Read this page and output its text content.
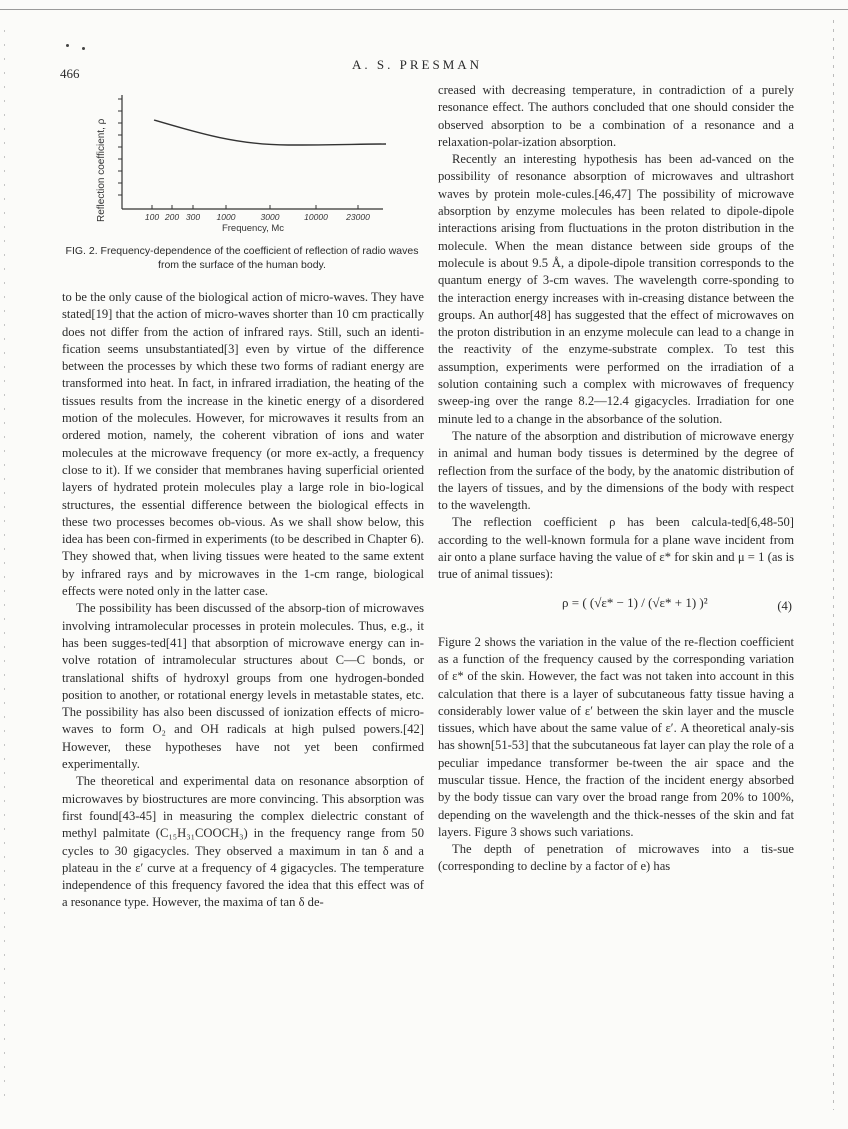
466
A. S. PRESMAN
Reflection coefficient, ρ	100 200 300 1000	3000	10000 23000
Frequency, Mc
FIG. 2. Frequency-dependence of the coefficient of reflection of radio waves from the surface of the human body.

to be the only cause of the biological action of micro-waves. They have stated[19] that the action of micro-waves shorter than 10 cm practically does not differ from the action of infrared rays. Still, such an identi-fication seems unsubstantiated[3] even by virtue of the difference between the processes by which these two forms of radiant energy are transformed into heat. In fact, in infrared irradiation, the heating of the tissues results from the increase in the kinetic energy of a disordered motion of the molecules. However, for microwaves it results from an ordered motion, namely, the coherent vibration of ions and water molecules at the microwave frequency (or more ex-actly, a frequency close to it). If we consider that membranes having superficial oriented layers of hydrated protein molecules play a large role in bio-logical structures, the essential difference between the biological effects in these two processes becomes ob-vious. As we shall show below, this idea has been con-firmed in experiments (to be described in Chapter 6). They showed that, when living tissues were heated to the same extent by infrared rays and by microwaves in the 1-cm range, biological effects were noted only in the latter case.

The possibility has been discussed of the absorp-tion of microwaves involving intramolecular processes in protein molecules. Thus, e.g., it has been sugges-ted[41] that absorption of microwave energy can in-volve rotation of intramolecular structures about C—C bonds, or translational shifts of hydroxyl groups from one hydrogen-bonded position to another, or rotational energy levels in metastable states, etc. The possibility has also been discussed of ionization effects of micro-waves to form O₂ and OH radicals at high pulsed powers.[42] However, these hypotheses have not yet been confirmed experimentally.

The theoretical and experimental data on resonance absorption of microwaves by biostructures are more convincing. This absorption was first found[43-45] in measuring the complex dielectric constant of methyl palmitate (C₁₅H₃₁COOCH₃) in the frequency range from 50 cycles to 30 gigacycles. They observed a maximum in tan δ and a plateau in the ε′ curve at a frequency of 4 gigacycles. The temperature independence of this frequency favored the idea that this effect was of a resonance type. However, the maxima of tan δ de-

creased with decreasing temperature, in contradiction of a purely resonance effect. The authors concluded that one should consider the observed absorption to be a combination of a resonance and a relaxation-polar-ization absorption.

Recently an interesting hypothesis has been ad-vanced on the possibility of resonance absorption of microwaves and ultrashort waves by protein mole-cules.[46,47] The possibility of microwave absorption by enzyme molecules has been related to dipole-dipole interactions arising from fluctuations in the proton distribution in the molecule. When the mean distance between side groups of the molecule is about 9.5 Å, a dipole-dipole transition corresponds to the quantum energy of 3-cm waves. The wavelength corre-sponding to the interaction energy increases with in-creasing distance between the groups. An author[48] has suggested that the effect of microwaves on the proton distribution in an enzyme molecule can lead to a change in the reactivity of the enzyme-substrate complex. To test this assumption, experiments were performed on the irradiation of a solution containing such a complex with microwaves of frequency sweep-ing over the range 8.2—12.4 gigacycles. Irradiation for one minute led to a change in the absorbance of the solution.

The nature of the absorption and distribution of microwave energy in animal and human body tissues is determined by the degree of reflection from the surface of the body, by the anatomic distribution of the layers of tissues, and by the dimensions of the body with respect to the wavelength.

The reflection coefficient ρ has been calcula-ted[6,48-50] according to the well-known formula for a plane wave incident from air onto a plane surface having the value of ε* for skin and μ = 1 (as is true of animal tissues):

ρ = ( (√ε* − 1) / (√ε* + 1) )²	(4)

Figure 2 shows the variation in the value of the re-flection coefficient as a function of the frequency caused by the corresponding variation of ε* of the skin. However, the fact was not taken into account in this calculation that there is a layer of subcutaneous fatty tissue having a considerably lower value of ε′ between the skin layer and the muscle tissues, which have about the same value of ε′. A theoretical analy-sis has shown[51-53] that the subcutaneous fat layer can play the role of a peculiar impedance transformer be-tween the air space and the muscular tissue. Hence, the fraction of the incident energy absorbed by the body tissue can vary over the broad range from 20% to 100%, depending on the wavelength and the thick-nesses of the skin and fat layers. Figure 3 shows such variations.

The depth of penetration of microwaves into a tis-sue (corresponding to decline by a factor of e) has
